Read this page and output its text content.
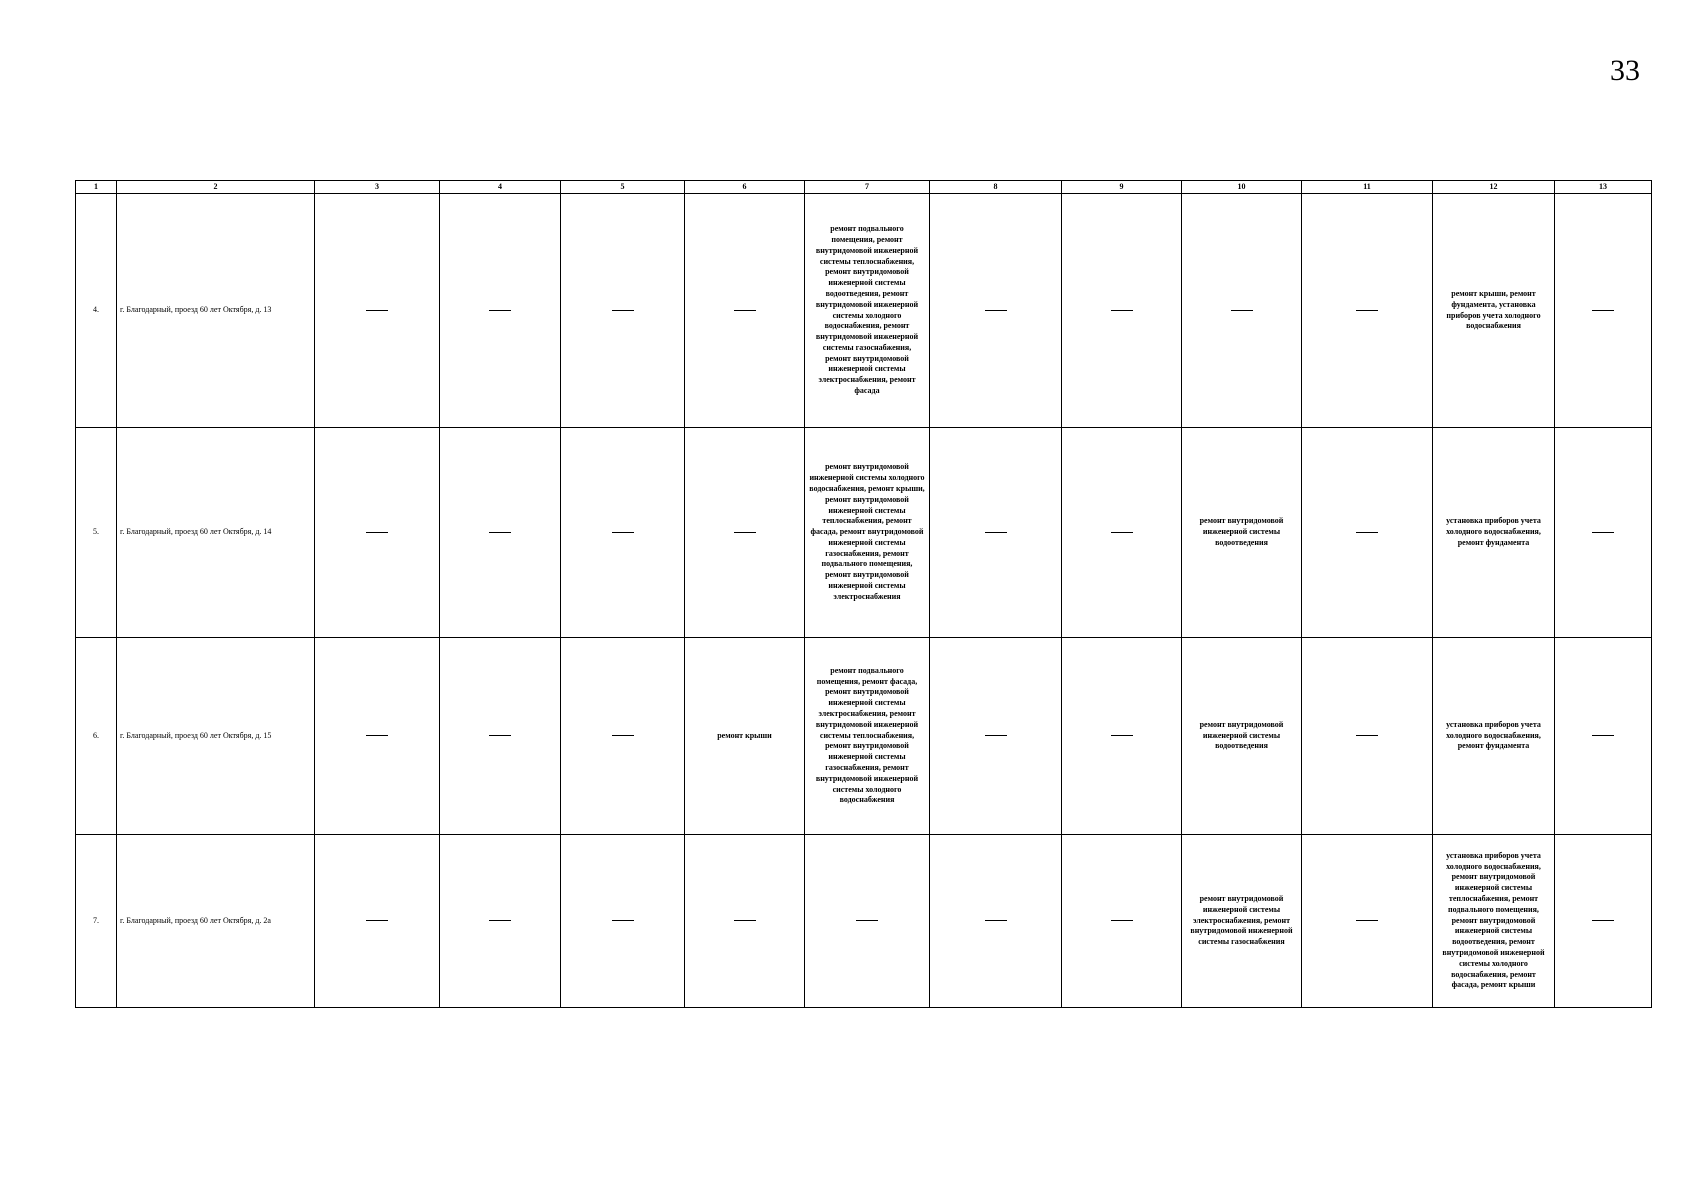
33
1	2	3	4	5	6	7	8	9	10	11	12	13
4.	г. Благодарный, проезд 60 лет Октября, д. 13					ремонт подвального помещения, ремонт внутридомовой инженерной системы теплоснабжения, ремонт внутридомовой инженерной системы водоотведения, ремонт внутридомовой инженерной системы холодного водоснабжения, ремонт внутридомовой инженерной системы газоснабжения, ремонт внутридомовой инженерной системы электроснабжения, ремонт фасада					ремонт крыши, ремонт фундамента, установка приборов учета холодного водоснабжения	
5.	г. Благодарный, проезд 60 лет Октября, д. 14					ремонт внутридомовой инженерной системы холодного водоснабжения, ремонт крыши, ремонт внутридомовой инженерной системы теплоснабжения, ремонт фасада, ремонт внутридомовой инженерной системы газоснабжения, ремонт подвального помещения, ремонт внутридомовой инженерной системы электроснабжения			ремонт внутридомовой инженерной системы водоотведения		установка приборов учета холодного водоснабжения, ремонт фундамента	
6.	г. Благодарный, проезд 60 лет Октября, д. 15				ремонт крыши	ремонт подвального помещения, ремонт фасада, ремонт внутридомовой инженерной системы электроснабжения, ремонт внутридомовой инженерной системы теплоснабжения, ремонт внутридомовой инженерной системы газоснабжения, ремонт внутридомовой инженерной системы холодного водоснабжения			ремонт внутридомовой инженерной системы водоотведения		установка приборов учета холодного водоснабжения, ремонт фундамента	
7.	г. Благодарный, проезд 60 лет Октября, д. 2а								ремонт внутридомовой инженерной системы электроснабжения, ремонт внутридомовой инженерной системы газоснабжения		установка приборов учета холодного водоснабжения, ремонт внутридомовой инженерной системы теплоснабжения, ремонт подвального помещения, ремонт внутридомовой инженерной системы водоотведения, ремонт внутридомовой инженерной системы холодного водоснабжения, ремонт фасада, ремонт крыши	
